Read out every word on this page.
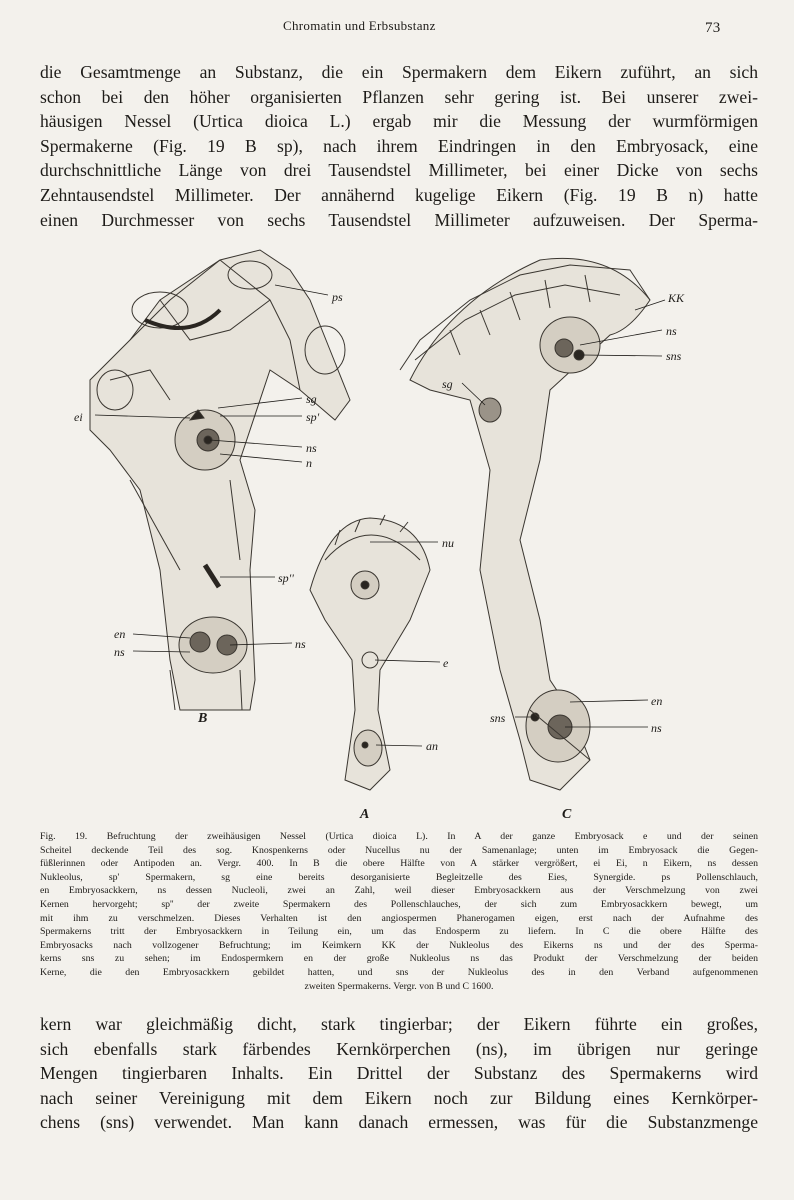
Chromatin und Erbsubstanz	73
die Gesamtmenge an Substanz, die ein Spermakern dem Eikern zuführt, an sich
schon bei den höher organisierten Pflanzen sehr gering ist. Bei unserer zwei-
häusigen Nessel (Urtica dioica L.) ergab mir die Messung der wurmförmigen
Spermakerne (Fig. 19 B sp), nach ihrem Eindringen in den Embryosack, eine
durchschnittliche Länge von drei Tausendstel Millimeter, bei einer Dicke von sechs
Zehntausendstel Millimeter. Der annähernd kugelige Eikern (Fig. 19 B n) hatte
einen Durchmesser von sechs Tausendstel Millimeter aufzuweisen. Der Sperma-
ps
sg
sp'
ns
n
ei
sp''
en
ns
ns
B
nu
e
an
A
KK
ns
sns
sg
en
sns
ns
C
Fig. 19. Befruchtung der zweihäusigen Nessel (Urtica dioica L). In A der ganze Embryosack e und der seinen
Scheitel deckende Teil des sog. Knospenkerns oder Nucellus nu der Samenanlage; unten im Embryosack die Gegen-
füßlerinnen oder Antipoden an. Vergr. 400. In B die obere Hälfte von A stärker vergrößert, ei Ei, n Eikern, ns dessen
Nukleolus, sp' Spermakern, sg eine bereits desorganisierte Begleitzelle des Eies, Synergide. ps Pollenschlauch,
en Embryosackkern, ns dessen Nucleoli, zwei an Zahl, weil dieser Embryosackkern aus der Verschmelzung von zwei
Kernen hervorgeht; sp'' der zweite Spermakern des Pollenschlauches, der sich zum Embryosackkern bewegt, um
mit ihm zu verschmelzen. Dieses Verhalten ist den angiospermen Phanerogamen eigen, erst nach der Aufnahme des
Spermakerns tritt der Embryosackkern in Teilung ein, um das Endosperm zu liefern. In C die obere Hälfte des
Embryosacks nach vollzogener Befruchtung; im Keimkern KK der Nukleolus des Eikerns ns und der des Sperma-
kerns sns zu sehen; im Endospermkern en der große Nukleolus ns das Produkt der Verschmelzung der beiden
Kerne, die den Embryosackkern gebildet hatten, und sns der Nukleolus des in den Verband aufgenommenen
zweiten Spermakerns. Vergr. von B und C 1600.
kern war gleichmäßig dicht, stark tingierbar; der Eikern führte ein großes,
sich ebenfalls stark färbendes Kernkörperchen (ns), im übrigen nur geringe
Mengen tingierbaren Inhalts. Ein Drittel der Substanz des Spermakerns wird
nach seiner Vereinigung mit dem Eikern noch zur Bildung eines Kernkörper-
chens (sns) verwendet. Man kann danach ermessen, was für die Substanzmenge
